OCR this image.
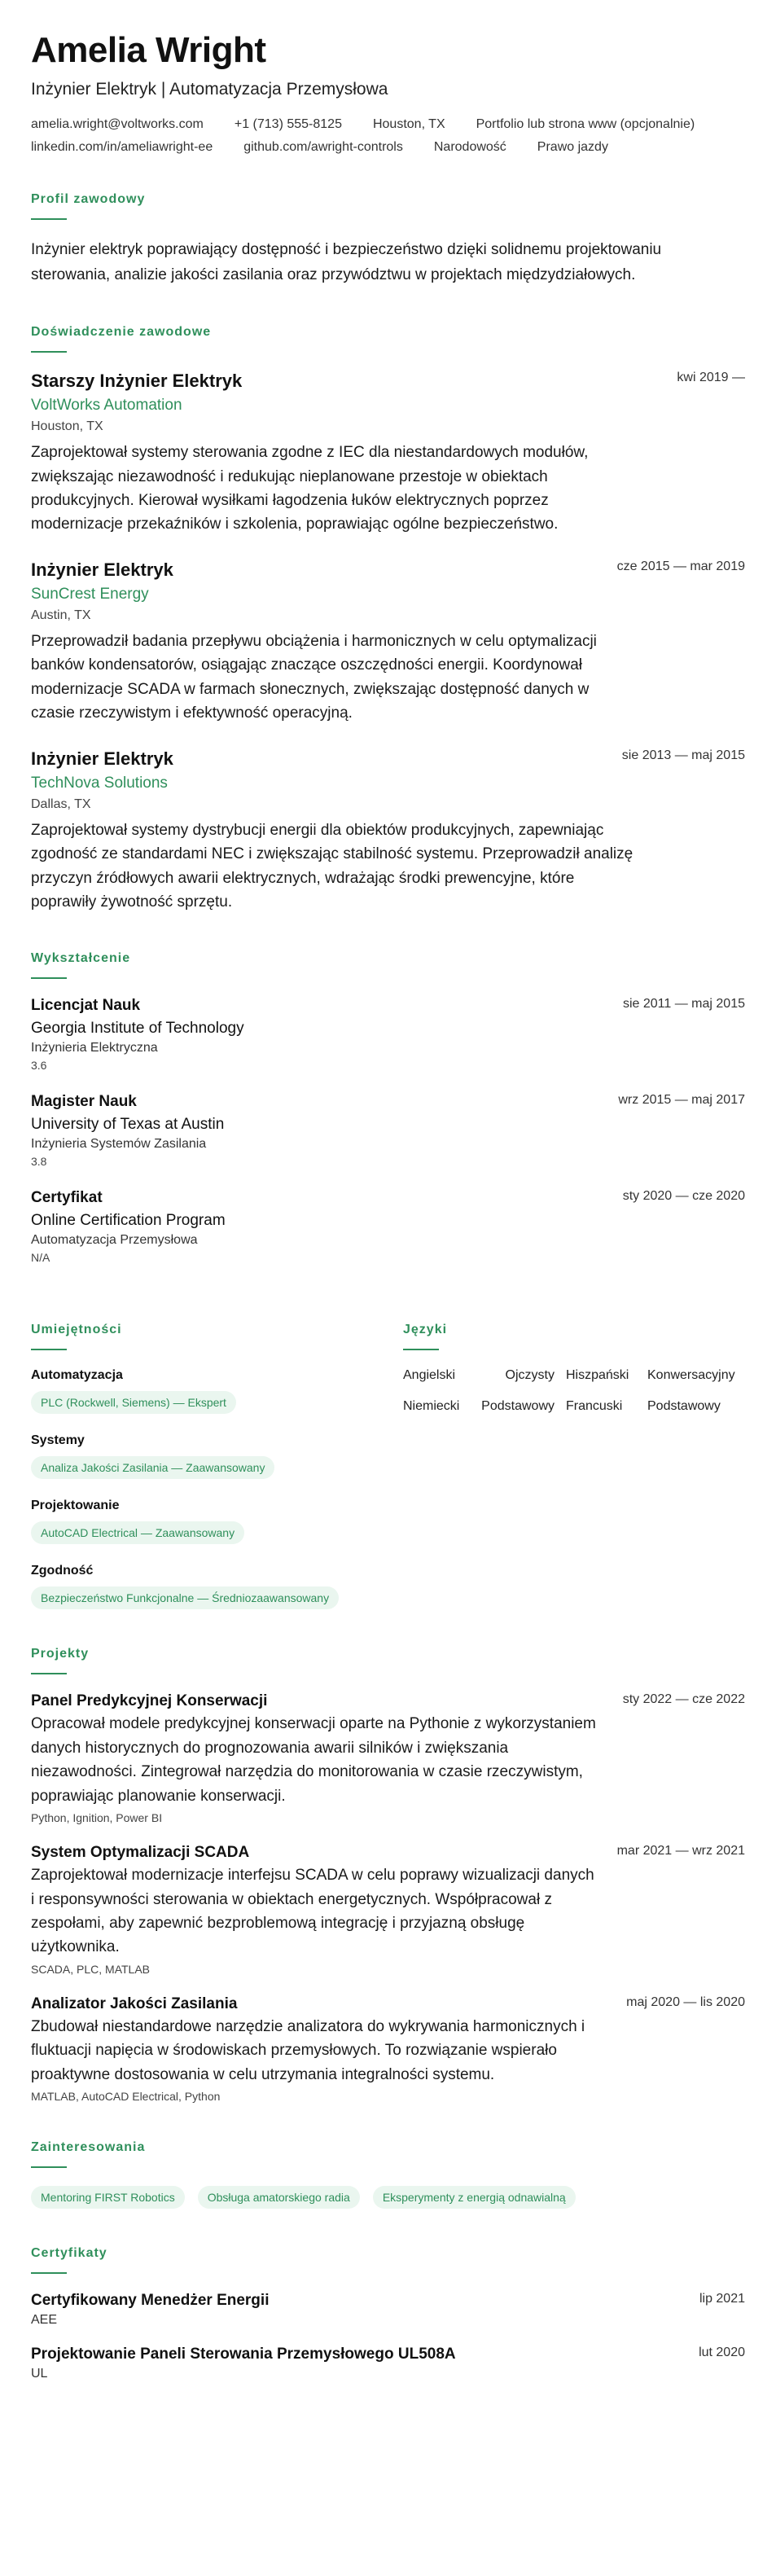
Amelia Wright
Inżynier Elektryk | Automatyzacja Przemysłowa
amelia.wright@voltworks.com +1 (713) 555-8125 Houston, TX Portfolio lub strona www (opcjonalnie)
linkedin.com/in/ameliawright-ee github.com/awright-controls Narodowość Prawo jazdy
Profil zawodowy
Inżynier elektryk poprawiający dostępność i bezpieczeństwo dzięki solidnemu projektowaniu sterowania, analizie jakości zasilania oraz przywództwu w projektach międzydziałowych.
Doświadczenie zawodowe
Starszy Inżynier Elektryk	kwi 2019 —
VoltWorks Automation
Houston, TX
Zaprojektował systemy sterowania zgodne z IEC dla niestandardowych modułów, zwiększając niezawodność i redukując nieplanowane przestoje w obiektach produkcyjnych. Kierował wysiłkami łagodzenia łuków elektrycznych poprzez modernizacje przekaźników i szkolenia, poprawiając ogólne bezpieczeństwo.
Inżynier Elektryk	cze 2015 — mar 2019
SunCrest Energy
Austin, TX
Przeprowadził badania przepływu obciążenia i harmonicznych w celu optymalizacji banków kondensatorów, osiągając znaczące oszczędności energii. Koordynował modernizacje SCADA w farmach słonecznych, zwiększając dostępność danych w czasie rzeczywistym i efektywność operacyjną.
Inżynier Elektryk	sie 2013 — maj 2015
TechNova Solutions
Dallas, TX
Zaprojektował systemy dystrybucji energii dla obiektów produkcyjnych, zapewniając zgodność ze standardami NEC i zwiększając stabilność systemu. Przeprowadził analizę przyczyn źródłowych awarii elektrycznych, wdrażając środki prewencyjne, które poprawiły żywotność sprzętu.
Wykształcenie
Licencjat Nauk	sie 2011 — maj 2015
Georgia Institute of Technology
Inżynieria Elektryczna
3.6
Magister Nauk	wrz 2015 — maj 2017
University of Texas at Austin
Inżynieria Systemów Zasilania
3.8
Certyfikat	sty 2020 — cze 2020
Online Certification Program
Automatyzacja Przemysłowa
N/A
Umiejętności
Automatyzacja
PLC (Rockwell, Siemens) — Ekspert
Systemy
Analiza Jakości Zasilania — Zaawansowany
Projektowanie
AutoCAD Electrical — Zaawansowany
Zgodność
Bezpieczeństwo Funkcjonalne — Średniozaawansowany
Języki
Angielski	Ojczysty Hiszpański	Konwersacyjny
Niemiecki	Podstawowy Francuski	Podstawowy
Projekty
Panel Predykcyjnej Konserwacji	sty 2022 — cze 2022
Opracował modele predykcyjnej konserwacji oparte na Pythonie z wykorzystaniem danych historycznych do prognozowania awarii silników i zwiększania niezawodności. Zintegrował narzędzia do monitorowania w czasie rzeczywistym, poprawiając planowanie konserwacji.
Python, Ignition, Power BI
System Optymalizacji SCADA	mar 2021 — wrz 2021
Zaprojektował modernizacje interfejsu SCADA w celu poprawy wizualizacji danych i responsywności sterowania w obiektach energetycznych. Współpracował z zespołami, aby zapewnić bezproblemową integrację i przyjazną obsługę użytkownika.
SCADA, PLC, MATLAB
Analizator Jakości Zasilania	maj 2020 — lis 2020
Zbudował niestandardowe narzędzie analizatora do wykrywania harmonicznych i fluktuacji napięcia w środowiskach przemysłowych. To rozwiązanie wspierało proaktywne dostosowania w celu utrzymania integralności systemu.
MATLAB, AutoCAD Electrical, Python
Zainteresowania
Mentoring FIRST Robotics	Obsługa amatorskiego radia	Eksperymenty z energią odnawialną
Certyfikaty
Certyfikowany Menedżer Energii	lip 2021
AEE
Projektowanie Paneli Sterowania Przemysłowego UL508A	lut 2020
UL
